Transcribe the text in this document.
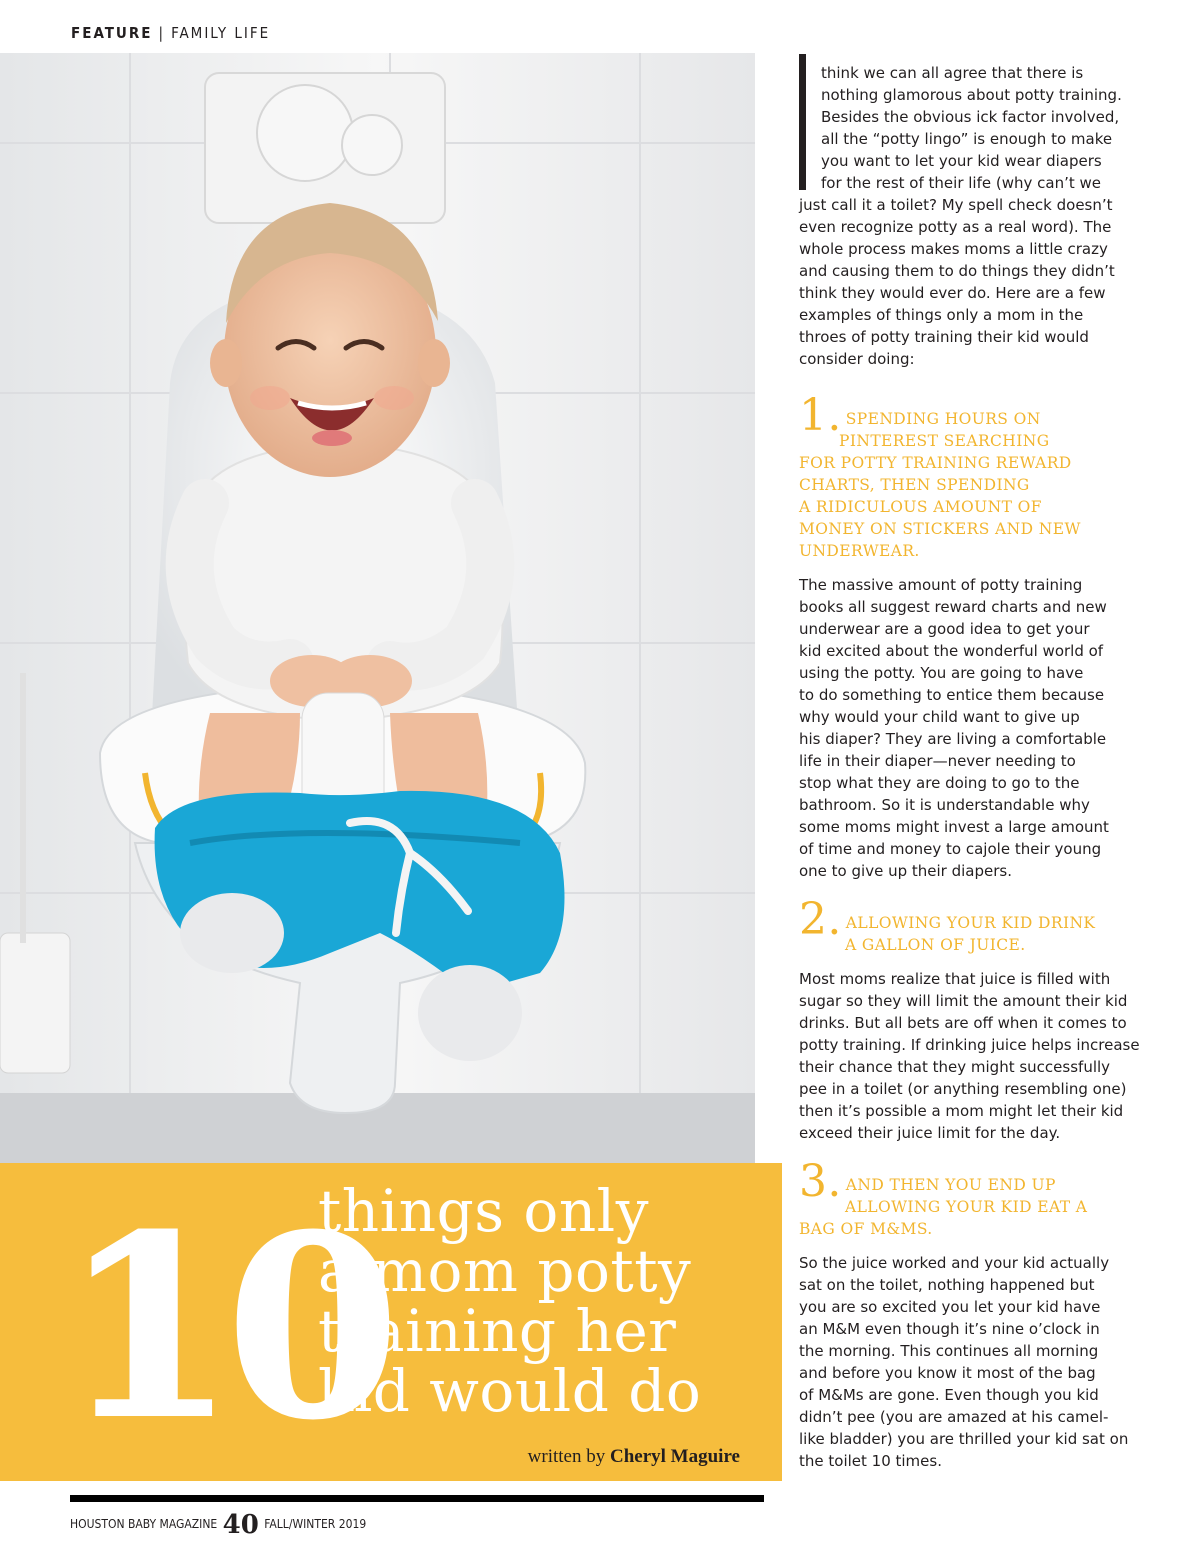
FEATURE | FAMILY LIFE
10
things only
a mom potty
training her
kid would do
written by Cheryl Maguire
think we can all agree that there is
nothing glamorous about potty training.
Besides the obvious ick factor involved,
all the “potty lingo” is enough to make
you want to let your kid wear diapers
for the rest of their life (why can’t we
just call it a toilet? My spell check doesn’t
even recognize potty as a real word). The
whole process makes moms a little crazy
and causing them to do things they didn’t
think they would ever do. Here are a few
examples of things only a mom in the
throes of potty training their kid would
consider doing:
1. SPENDING HOURS ON
PINTEREST SEARCHING
FOR POTTY TRAINING REWARD
CHARTS, THEN SPENDING
A RIDICULOUS AMOUNT OF
MONEY ON STICKERS AND NEW
UNDERWEAR.
The massive amount of potty training
books all suggest reward charts and new
underwear are a good idea to get your
kid excited about the wonderful world of
using the potty. You are going to have
to do something to entice them because
why would your child want to give up
his diaper? They are living a comfortable
life in their diaper—never needing to
stop what they are doing to go to the
bathroom. So it is understandable why
some moms might invest a large amount
of time and money to cajole their young
one to give up their diapers.
2. ALLOWING YOUR KID DRINK
A GALLON OF JUICE.
Most moms realize that juice is filled with
sugar so they will limit the amount their kid
drinks. But all bets are off when it comes to
potty training. If drinking juice helps increase
their chance that they might successfully
pee in a toilet (or anything resembling one)
then it’s possible a mom might let their kid
exceed their juice limit for the day.
3. AND THEN YOU END UP
ALLOWING YOUR KID EAT A
BAG OF M&MS.
So the juice worked and your kid actually
sat on the toilet, nothing happened but
you are so excited you let your kid have
an M&M even though it’s nine o’clock in
the morning. This continues all morning
and before you know it most of the bag
of M&Ms are gone. Even though you kid
didn’t pee (you are amazed at his camel-
like bladder) you are thrilled your kid sat on
the toilet 10 times.
HOUSTON BABY MAGAZINE 40 FALL/WINTER 2019
